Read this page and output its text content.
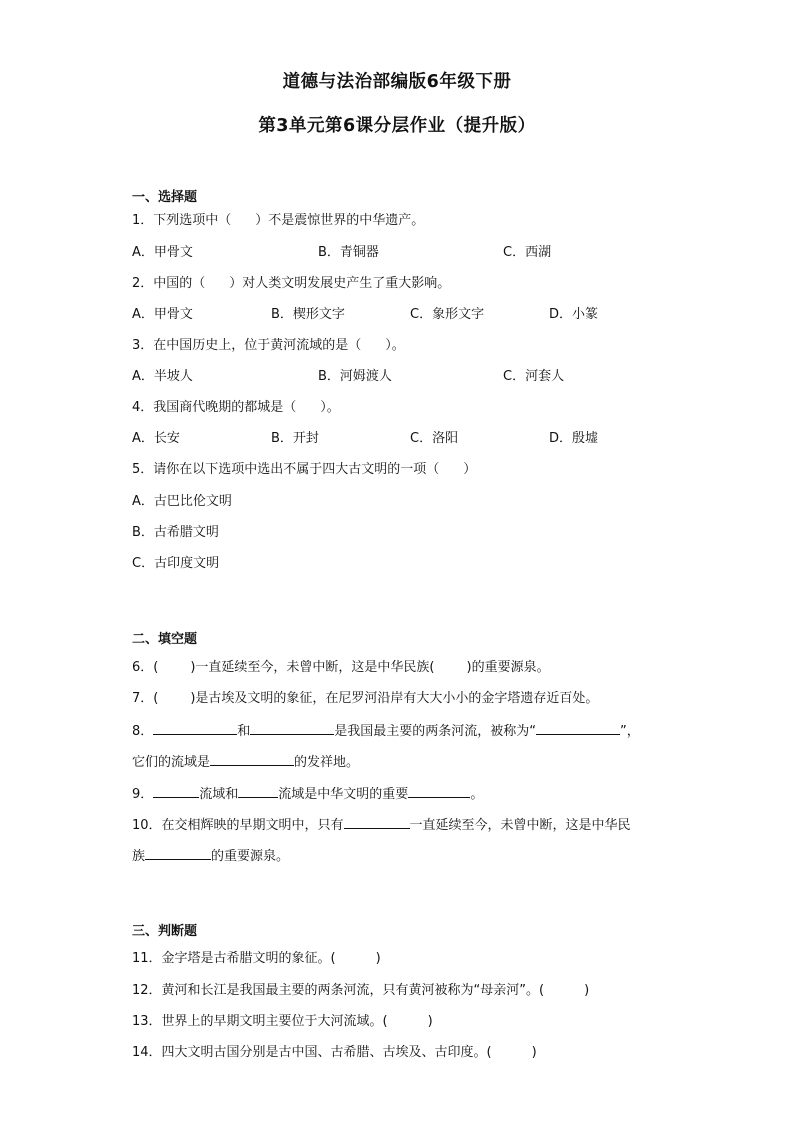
道德与法治部编版6年级下册
第3单元第6课分层作业（提升版）
一、选择题
1．下列选项中（ ）不是震惊世界的中华遗产。
A．甲骨文	B．青铜器	C．西湖
2．中国的（ ）对人类文明发展史产生了重大影响。
A．甲骨文	B．楔形文字	C．象形文字	D．小篆
3．在中国历史上，位于黄河流域的是（ ）。
A．半坡人	B．河姆渡人	C．河套人
4．我国商代晚期的都城是（ ）。
A．长安	B．开封	C．洛阳	D．殷墟
5．请你在以下选项中选出不属于四大古文明的一项（ ）
A．古巴比伦文明
B．古希腊文明
C．古印度文明
二、填空题
6．( )一直延续至今，未曾中断，这是中华民族( )的重要源泉。
7．( )是古埃及文明的象征，在尼罗河沿岸有大大小小的金字塔遗存近百处。
8．	和	是我国最主要的两条河流，被称为“	”，
它们的流域是	的发祥地。
9．	流域和	流域是中华文明的重要	。
10．在交相辉映的早期文明中，只有	一直延续至今，未曾中断，这是中华民
族	的重要源泉。
三、判断题
11．金字塔是古希腊文明的象征。(	)
12．黄河和长江是我国最主要的两条河流，只有黄河被称为“母亲河”。(	)
13．世界上的早期文明主要位于大河流域。(	)
14．四大文明古国分别是古中国、古希腊、古埃及、古印度。(	)
